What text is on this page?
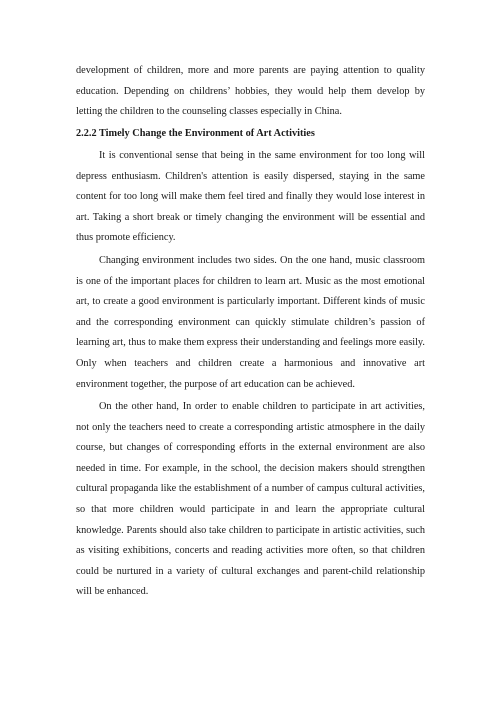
development of children, more and more parents are paying attention to quality education. Depending on childrens’ hobbies, they would help them develop by letting the children to the counseling classes especially in China.

2.2.2 Timely Change the Environment of Art Activities

It is conventional sense that being in the same environment for too long will depress enthusiasm. Children's attention is easily dispersed, staying in the same content for too long will make them feel tired and finally they would lose interest in art. Taking a short break or timely changing the environment will be essential and thus promote efficiency.

Changing environment includes two sides. On the one hand, music classroom is one of the important places for children to learn art. Music as the most emotional art, to create a good environment is particularly important. Different kinds of music and the corresponding environment can quickly stimulate children’s passion of learning art, thus to make them express their understanding and feelings more easily. Only when teachers and children create a harmonious and innovative art environment together, the purpose of art education can be achieved.

On the other hand, In order to enable children to participate in art activities, not only the teachers need to create a corresponding artistic atmosphere in the daily course, but changes of corresponding efforts in the external environment are also needed in time. For example, in the school, the decision makers should strengthen cultural propaganda like the establishment of a number of campus cultural activities, so that more children would participate in and learn the appropriate cultural knowledge. Parents should also take children to participate in artistic activities, such as visiting exhibitions, concerts and reading activities more often, so that children could be nurtured in a variety of cultural exchanges and parent-child relationship will be enhanced.
